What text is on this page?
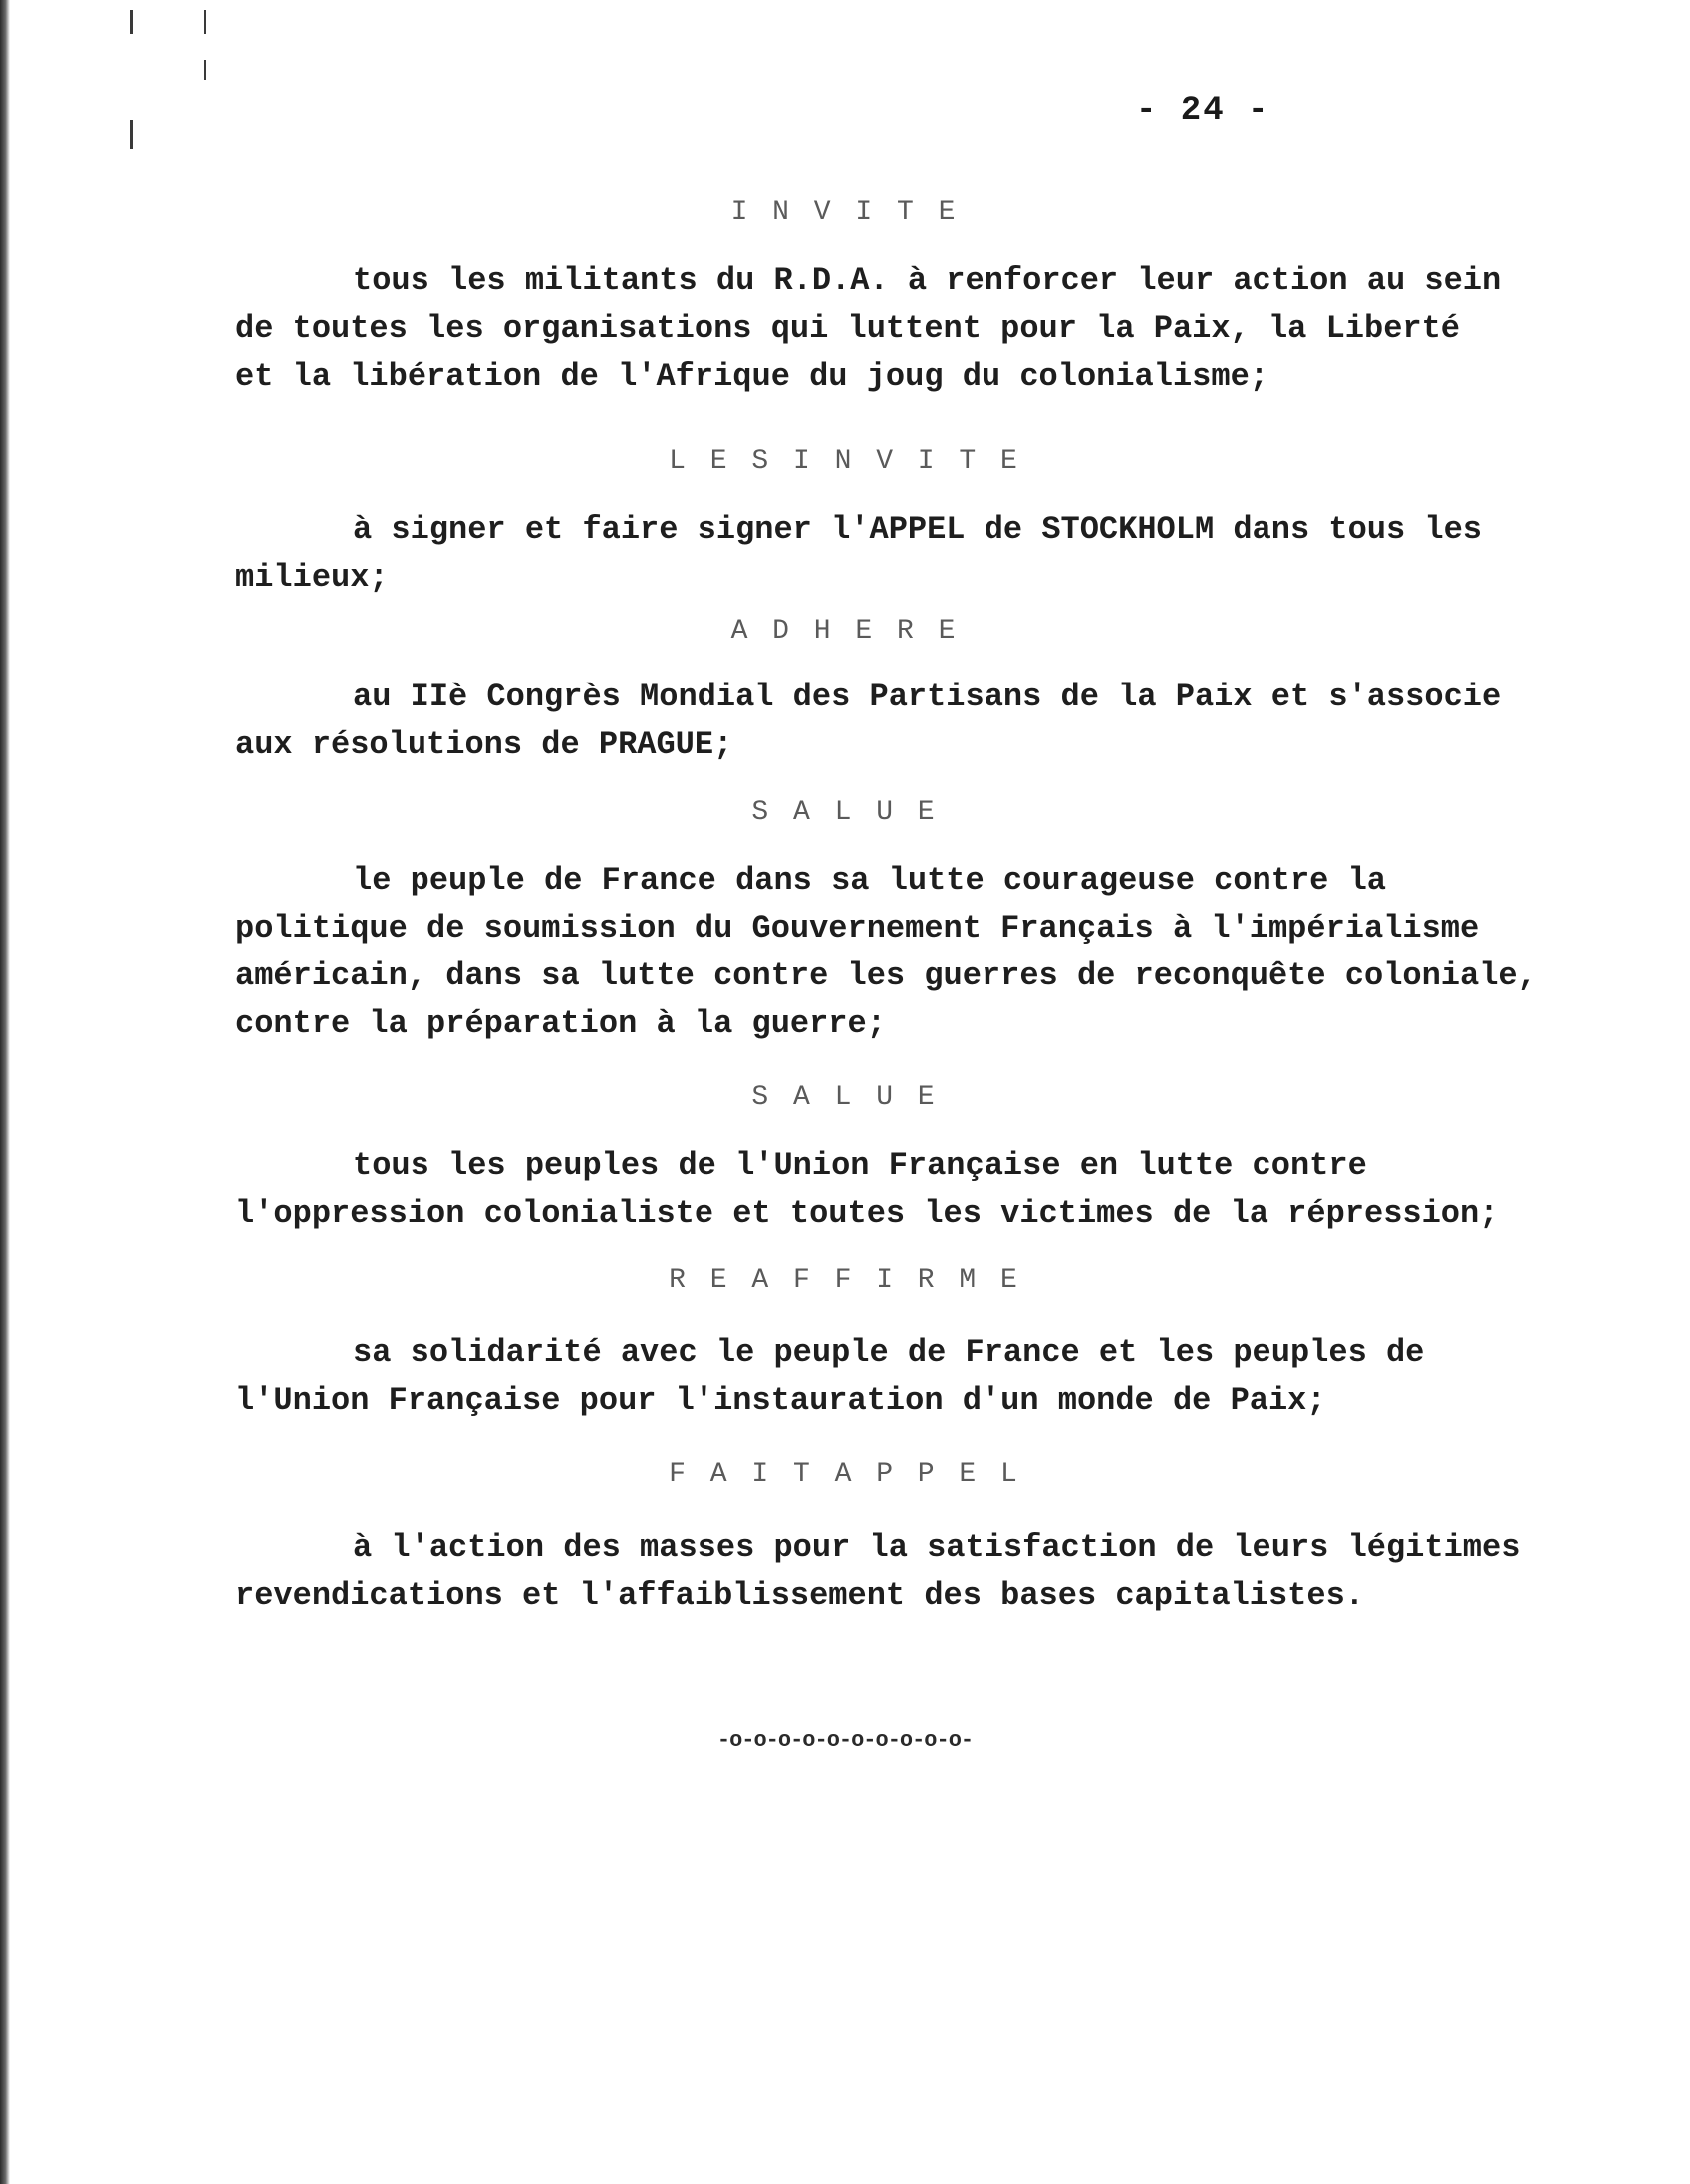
- 24 -
I N V I T E
tous les militants du R.D.A. à renforcer leur action au sein
de toutes les organisations qui luttent pour la Paix, la Liberté
et la libération de l'Afrique du joug du colonialisme;
L E S I N V I T E
à signer et faire signer l'APPEL de STOCKHOLM dans tous les
milieux;
A D H E R E
au IIè Congrès Mondial des Partisans de la Paix et s'associe
aux résolutions de PRAGUE;
S A L U E
le peuple de France dans sa lutte courageuse contre la
politique de soumission du Gouvernement Français à l'impérialisme
américain, dans sa lutte contre les guerres de reconquête coloniale,
contre la préparation à la guerre;
S A L U E
tous les peuples de l'Union Française en lutte contre
l'oppression colonialiste et toutes les victimes de la répression;
R E A F F I R M E
sa solidarité avec le peuple de France et les peuples de
l'Union Française pour l'instauration d'un monde de Paix;
F A I T A P P E L
à l'action des masses pour la satisfaction de leurs légitimes
revendications et l'affaiblissement des bases capitalistes.
-o-o-o-o-o-o-o-o-o-o-
